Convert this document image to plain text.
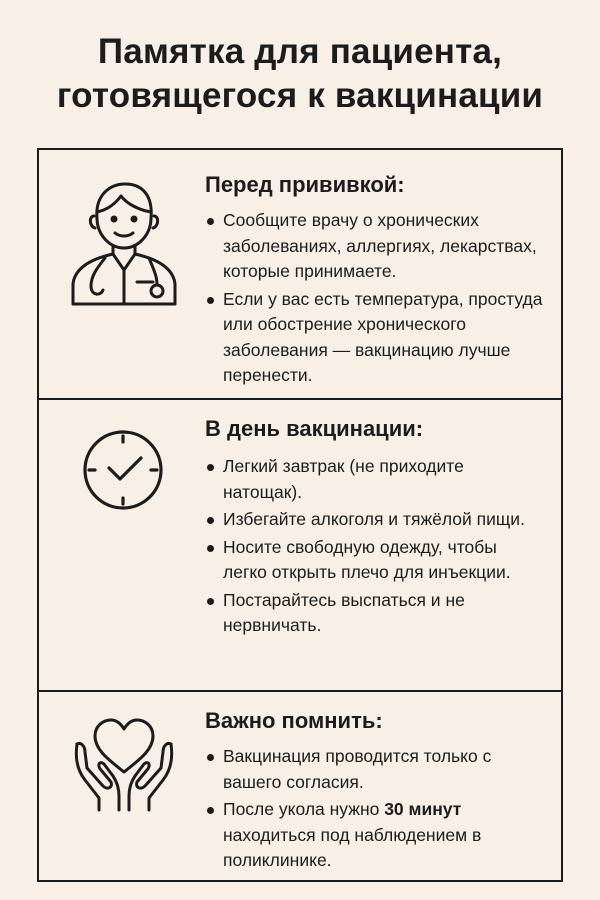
Памятка для пациента,
готовящегося к вакцинации
Перед прививкой:
Сообщите врачу о хронических заболеваниях, аллергиях, лекарствах, которые принимаете.
Если у вас есть температура, простуда или обострение хронического заболевания — вакцинацию лучше перенести.
В день вакцинации:
Легкий завтрак (не приходите натощак).
Избегайте алкоголя и тяжёлой пищи.
Носите свободную одежду, чтобы легко открыть плечо для инъекции.
Постарайтесь выспаться и не нервничать.
Важно помнить:
Вакцинация проводится только с вашего согласия.
После укола нужно 30 минут находиться под наблюдением в поликлинике.
